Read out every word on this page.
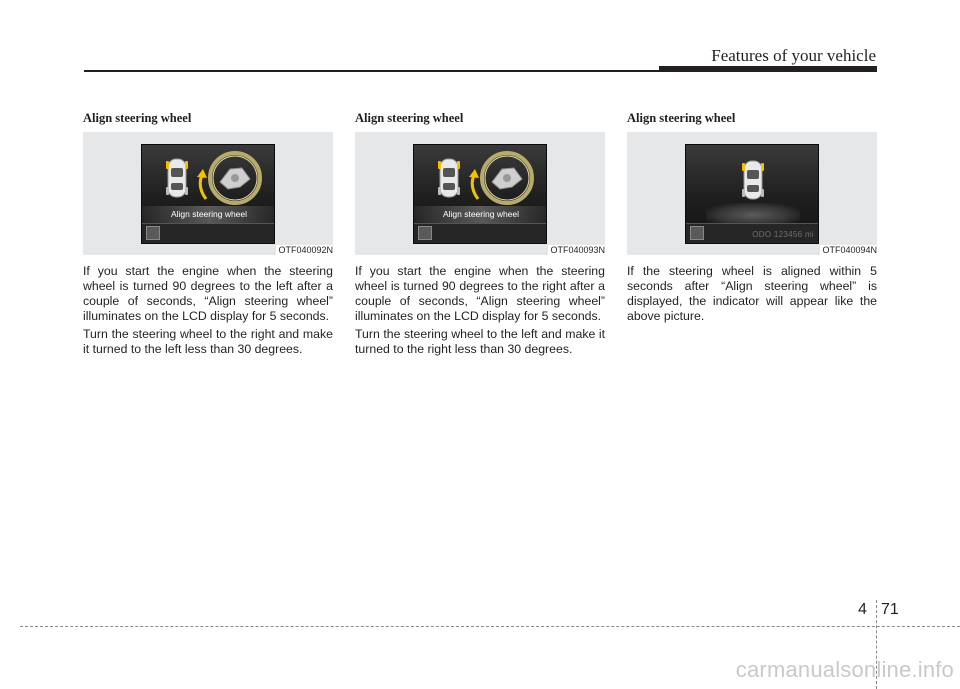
Features of your vehicle
Align steering wheel
Align steering wheel
OTF040092N

If you start the engine when the steering wheel is turned 90 degrees to the left after a couple of seconds, “Align steering wheel” illuminates on the LCD display for 5 seconds.

Turn the steering wheel to the right and make it turned to the left less than 30 degrees.

Align steering wheel
Align steering wheel
OTF040093N

If you start the engine when the steering wheel is turned 90 degrees to the right after a couple of seconds, “Align steering wheel” illuminates on the LCD display for 5 seconds.

Turn the steering wheel to the left and make it turned to the right less than 30 degrees.

Align steering wheel
ODO 123456 mi
OTF040094N

If the steering wheel is aligned within 5 seconds after “Align steering wheel” is displayed, the indicator will appear like the above picture.

4 71
carmanualsonline.info
